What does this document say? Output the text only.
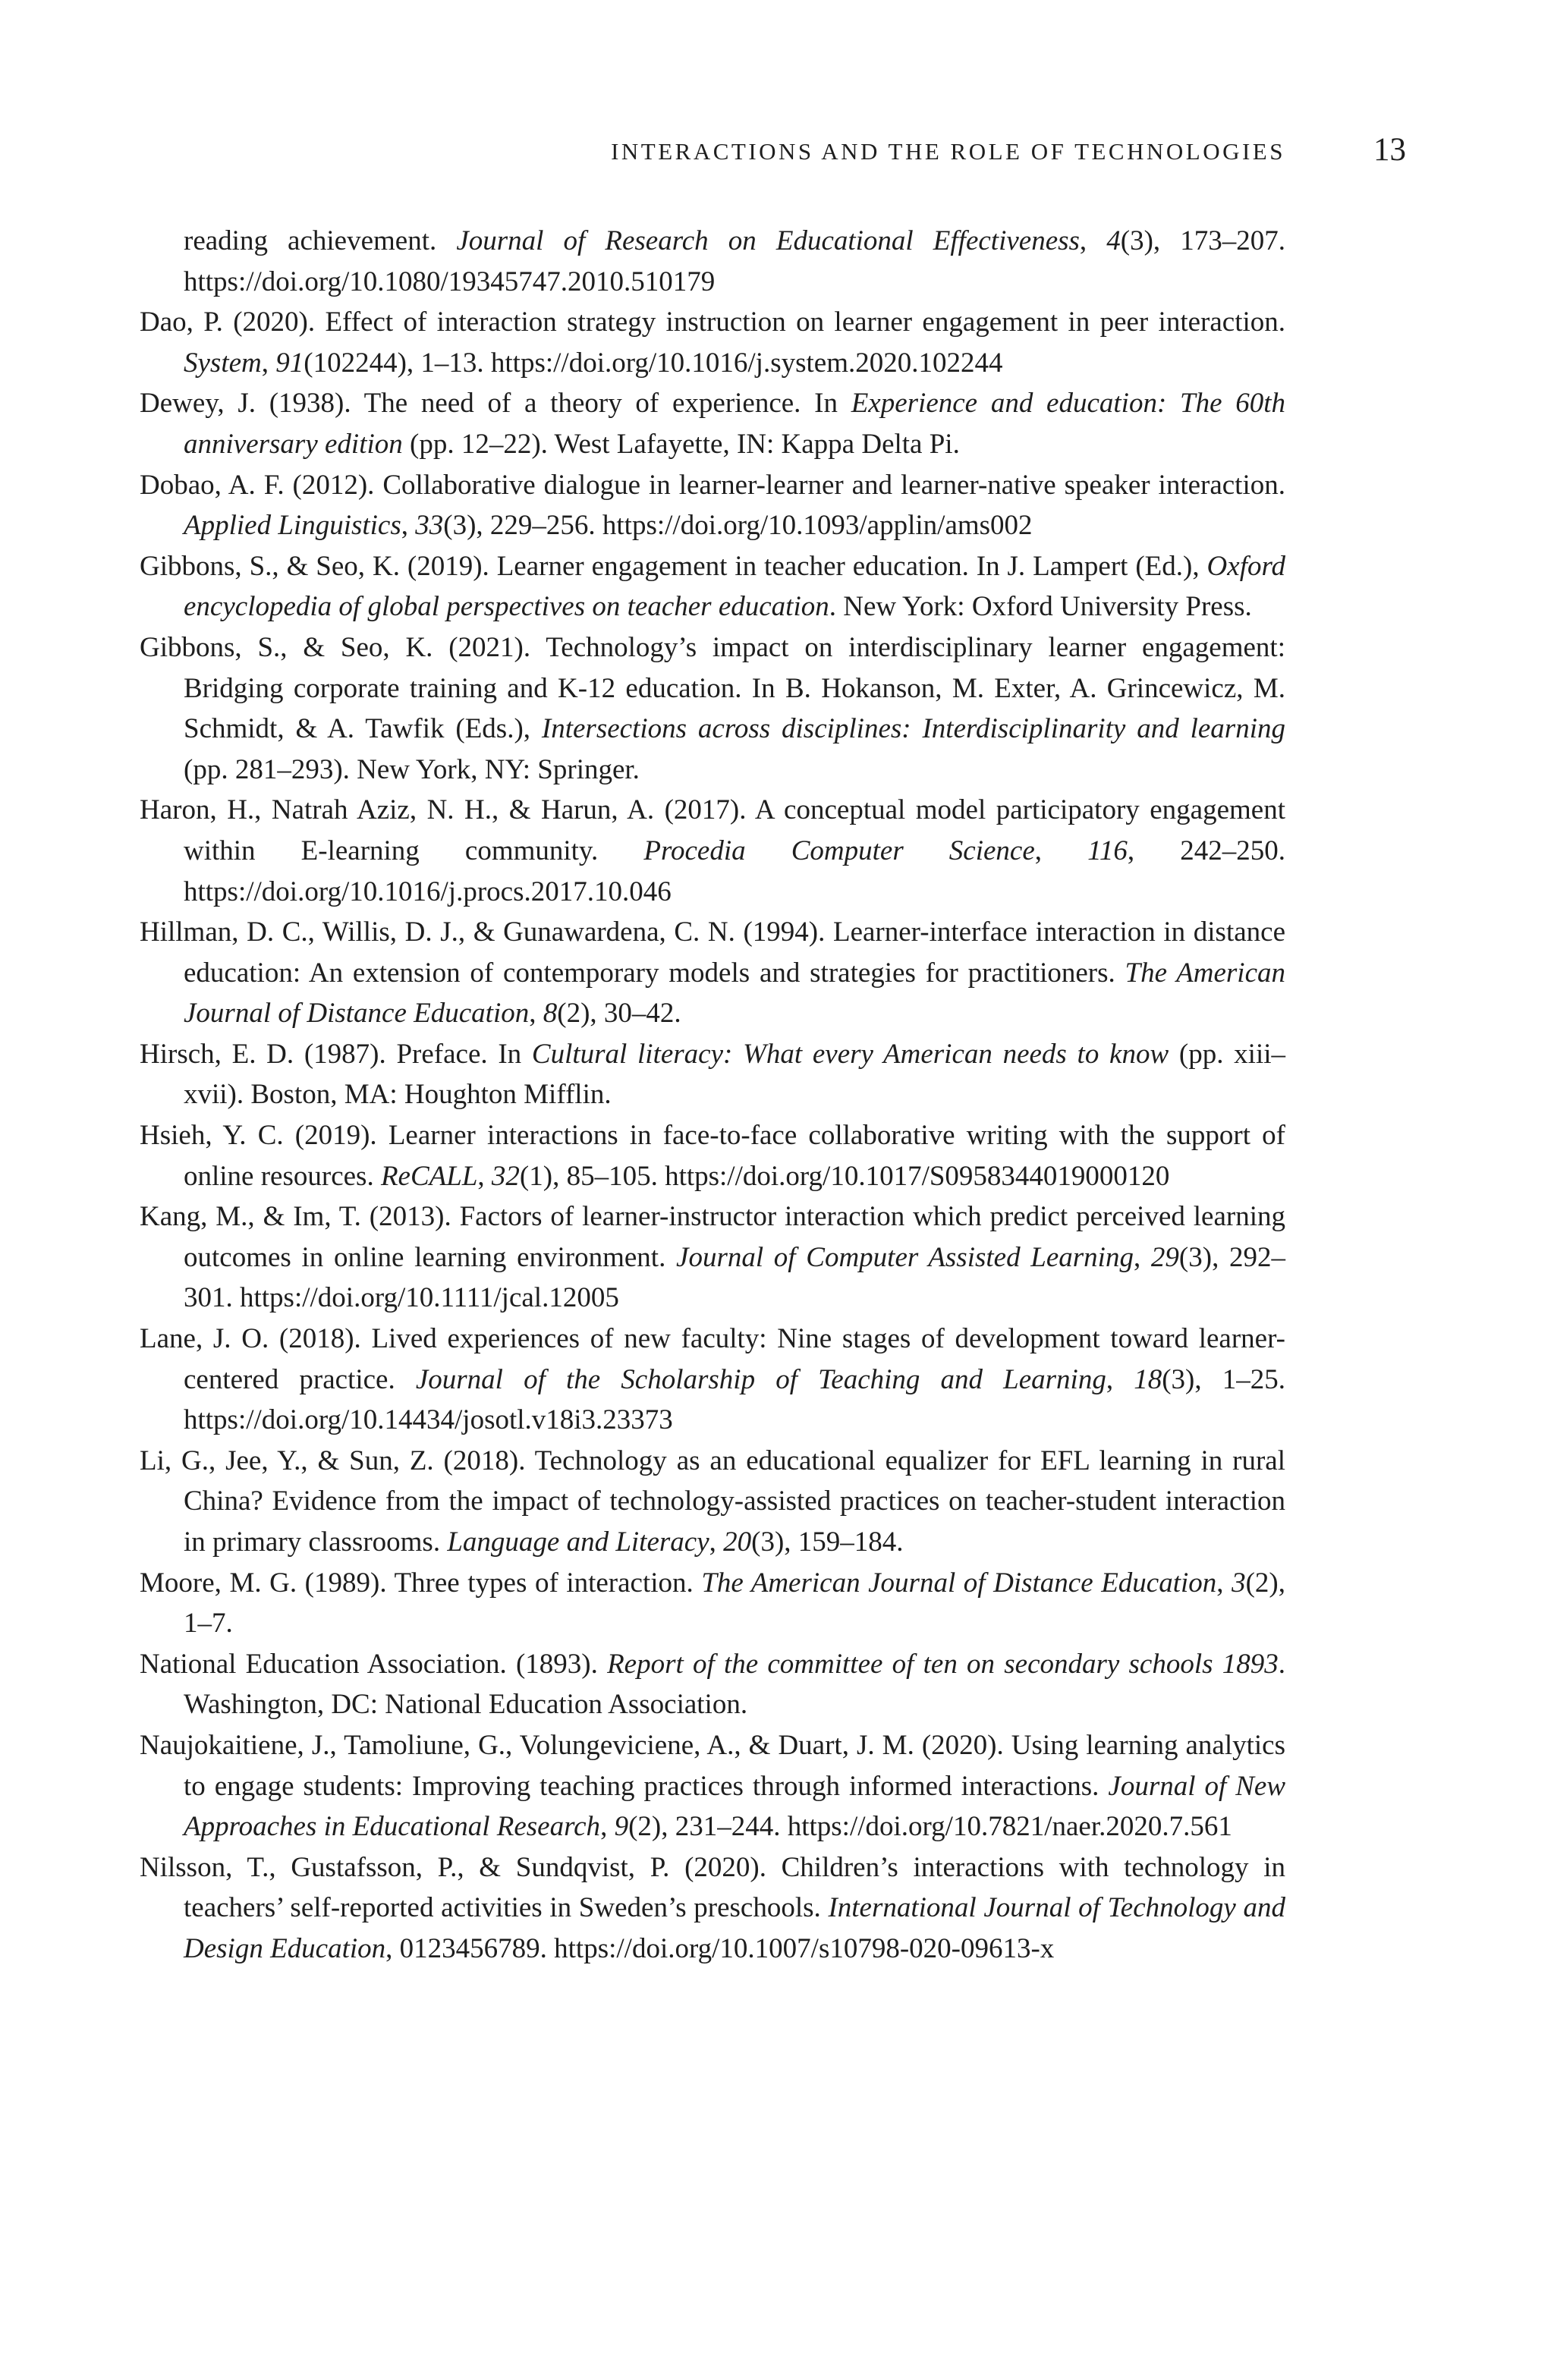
INTERACTIONS AND THE ROLE OF TECHNOLOGIES	13
reading achievement. Journal of Research on Educational Effectiveness, 4(3), 173–207. https://doi.org/10.1080/19345747.2010.510179
Dao, P. (2020). Effect of interaction strategy instruction on learner engagement in peer interaction. System, 91(102244), 1–13. https://doi.org/10.1016/j.system.2020.102244
Dewey, J. (1938). The need of a theory of experience. In Experience and education: The 60th anniversary edition (pp. 12–22). West Lafayette, IN: Kappa Delta Pi.
Dobao, A. F. (2012). Collaborative dialogue in learner-learner and learner-native speaker interaction. Applied Linguistics, 33(3), 229–256. https://doi.org/10.1093/applin/ams002
Gibbons, S., & Seo, K. (2019). Learner engagement in teacher education. In J. Lampert (Ed.), Oxford encyclopedia of global perspectives on teacher education. New York: Oxford University Press.
Gibbons, S., & Seo, K. (2021). Technology’s impact on interdisciplinary learner engagement: Bridging corporate training and K-12 education. In B. Hokanson, M. Exter, A. Grincewicz, M. Schmidt, & A. Tawfik (Eds.), Intersections across disciplines: Interdisciplinarity and learning (pp. 281–293). New York, NY: Springer.
Haron, H., Natrah Aziz, N. H., & Harun, A. (2017). A conceptual model participatory engagement within E-learning community. Procedia Computer Science, 116, 242–250. https://doi.org/10.1016/j.procs.2017.10.046
Hillman, D. C., Willis, D. J., & Gunawardena, C. N. (1994). Learner-interface interaction in distance education: An extension of contemporary models and strategies for practitioners. The American Journal of Distance Education, 8(2), 30–42.
Hirsch, E. D. (1987). Preface. In Cultural literacy: What every American needs to know (pp. xiii–xvii). Boston, MA: Houghton Mifflin.
Hsieh, Y. C. (2019). Learner interactions in face-to-face collaborative writing with the support of online resources. ReCALL, 32(1), 85–105. https://doi.org/10.1017/S0958344019000120
Kang, M., & Im, T. (2013). Factors of learner-instructor interaction which predict perceived learning outcomes in online learning environment. Journal of Computer Assisted Learning, 29(3), 292–301. https://doi.org/10.1111/jcal.12005
Lane, J. O. (2018). Lived experiences of new faculty: Nine stages of development toward learner-centered practice. Journal of the Scholarship of Teaching and Learning, 18(3), 1–25. https://doi.org/10.14434/josotl.v18i3.23373
Li, G., Jee, Y., & Sun, Z. (2018). Technology as an educational equalizer for EFL learning in rural China? Evidence from the impact of technology-assisted practices on teacher-student interaction in primary classrooms. Language and Literacy, 20(3), 159–184.
Moore, M. G. (1989). Three types of interaction. The American Journal of Distance Education, 3(2), 1–7.
National Education Association. (1893). Report of the committee of ten on secondary schools 1893. Washington, DC: National Education Association.
Naujokaitiene, J., Tamoliune, G., Volungeviciene, A., & Duart, J. M. (2020). Using learning analytics to engage students: Improving teaching practices through informed interactions. Journal of New Approaches in Educational Research, 9(2), 231–244. https://doi.org/10.7821/naer.2020.7.561
Nilsson, T., Gustafsson, P., & Sundqvist, P. (2020). Children’s interactions with technology in teachers’ self-reported activities in Sweden’s preschools. International Journal of Technology and Design Education, 0123456789. https://doi.org/10.1007/s10798-020-09613-x
